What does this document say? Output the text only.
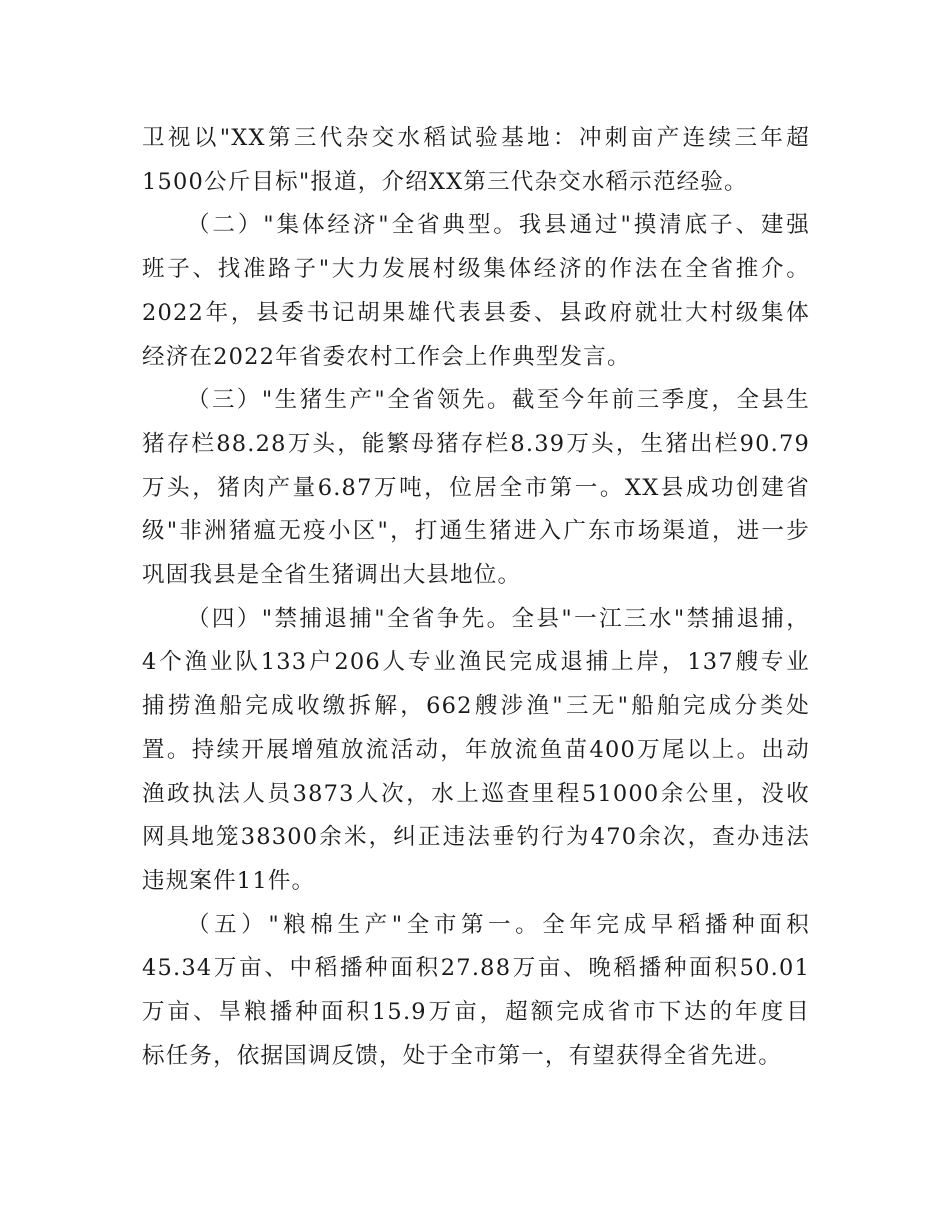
卫视以"XX第三代杂交水稻试验基地：冲刺亩产连续三年超
1500公斤目标"报道，介绍XX第三代杂交水稻示范经验。
（二）"集体经济"全省典型。我县通过"摸清底子、建强
班子、找准路子"大力发展村级集体经济的作法在全省推介。
2022年，县委书记胡果雄代表县委、县政府就壮大村级集体
经济在2022年省委农村工作会上作典型发言。
（三）"生猪生产"全省领先。截至今年前三季度，全县生
猪存栏88.28万头，能繁母猪存栏8.39万头，生猪出栏90.79
万头，猪肉产量6.87万吨，位居全市第一。XX县成功创建省
级"非洲猪瘟无疫小区"，打通生猪进入广东市场渠道，进一步
巩固我县是全省生猪调出大县地位。
（四）"禁捕退捕"全省争先。全县"一江三水"禁捕退捕，
4个渔业队133户206人专业渔民完成退捕上岸，137艘专业
捕捞渔船完成收缴拆解，662艘涉渔"三无"船舶完成分类处
置。持续开展增殖放流活动，年放流鱼苗400万尾以上。出动
渔政执法人员3873人次，水上巡查里程51000余公里，没收
网具地笼38300余米，纠正违法垂钓行为470余次，查办违法
违规案件11件。
（五）"粮棉生产"全市第一。全年完成早稻播种面积
45.34万亩、中稻播种面积27.88万亩、晚稻播种面积50.01
万亩、旱粮播种面积15.9万亩，超额完成省市下达的年度目
标任务，依据国调反馈，处于全市第一，有望获得全省先进。
